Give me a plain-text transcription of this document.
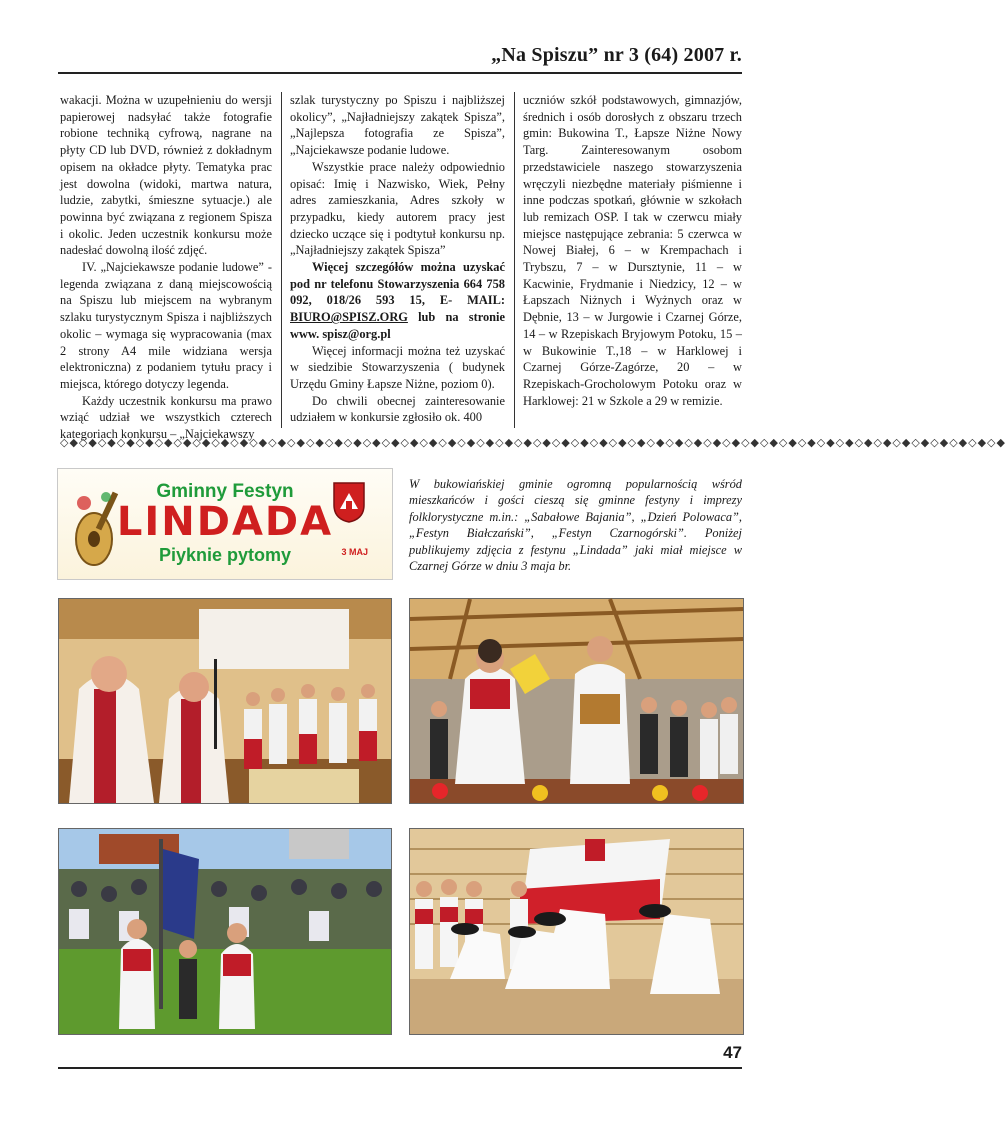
„Na Spiszu” nr 3 (64) 2007 r.

wakacji. Można w uzupełnieniu do wersji papierowej nadsyłać także fotografie robione techniką cyfrową, nagrane na płyty CD lub DVD, również z dokładnym opisem na okładce płyty. Tematyka prac jest dowolna (widoki, martwa natura, ludzie, zabytki, śmieszne sytuacje.) ale powinna być związana z regionem Spisza i okolic. Jeden uczestnik konkursu może nadesłać dowolną ilość zdjęć.

IV. „Najciekawsze podanie ludowe” - legenda związana z daną miejscowością na Spiszu lub miejscem na wybranym szlaku turystycznym Spisza i najbliższych okolic – wymaga się wypracowania (max 2 strony A4 mile widziana wersja elektroniczna) z podaniem tytułu pracy i miejsca, którego dotyczy legenda.

Każdy uczestnik konkursu ma prawo wziąć udział we wszystkich czterech kategoriach konkursu – „Najciekawszy

szlak turystyczny po Spiszu i najbliższej okolicy”, „Najładniejszy zakątek Spisza”, „Najlepsza fotografia ze Spisza”, „Najciekawsze podanie ludowe.

Wszystkie prace należy odpowiednio opisać: Imię i Nazwisko, Wiek, Pełny adres zamieszkania, Adres szkoły w przypadku, kiedy autorem pracy jest dziecko uczące się i podtytuł konkursu np. „Najładniejszy zakątek Spisza”

Więcej szczegółów można uzyskać pod nr telefonu Stowarzyszenia 664 758 092, 018/26 593 15, E- MAIL: BIURO@SPISZ.ORG lub na stronie www. spisz@org.pl

Więcej informacji można też uzyskać w siedzibie Stowarzyszenia ( budynek Urzędu Gminy Łapsze Niżne, poziom 0).

Do chwili obecnej zainteresowanie udziałem w konkursie zgłosiło ok. 400

uczniów szkół podstawowych, gimnazjów, średnich i osób dorosłych z obszaru trzech gmin: Bukowina T., Łapsze Niżne Nowy Targ. Zainteresowanym osobom przedstawiciele naszego stowarzyszenia wręczyli niezbędne materiały piśmienne i inne podczas spotkań, głównie w szkołach lub remizach OSP. I tak w czerwcu miały miejsce następujące zebrania: 5 czerwca w Nowej Białej, 6 – w Krempachach i Trybszu, 7 – w Dursztynie, 11 – w Kacwinie, Frydmanie i Niedzicy, 12 – w Łapszach Niżnych i Wyżnych oraz w Dębnie, 13 – w Jurgowie i Czarnej Górze, 14 – w Rzepiskach Bryjowym Potoku, 15 – w Bukowinie T.,18 – w Harklowej i Czarnej Górze-Zagórze, 20 – w Rzepiskach-Grocholowym Potoku oraz w Harklowej: 21 w Szkole a 29 w remizie.

◇◆◇◆◇◆◇◆◇◆◇◆◇◆◇◆◇◆◇◆◇◆◇◆◇◆◇◆◇◆◇◆◇◆◇◆◇◆◇◆◇◆◇◆◇◆◇◆◇◆◇◆◇◆◇◆◇◆◇◆◇◆◇◆◇◆◇◆◇◆◇◆◇◆◇◆◇◆◇◆◇◆◇◆◇◆◇◆◇◆◇◆◇◆◇◆◇◆◇◆
Gminny Festyn
LINDADA
Piyknie pytomy	3 MAJ
W bukowiańskiej gminie ogromną popularnością wśród mieszkańców i gości cieszą się gminne festyny i imprezy folklorystyczne m.in.: „Sabałowe Bajania”, „Dzień Polowaca”, „Festyn Białczański”, „Festyn Czarnogórski”. Poniżej publikujemy zdjęcia z festynu „Lindada” jaki miał miejsce w Czarnej Górze w dniu 3 maja br.
47
